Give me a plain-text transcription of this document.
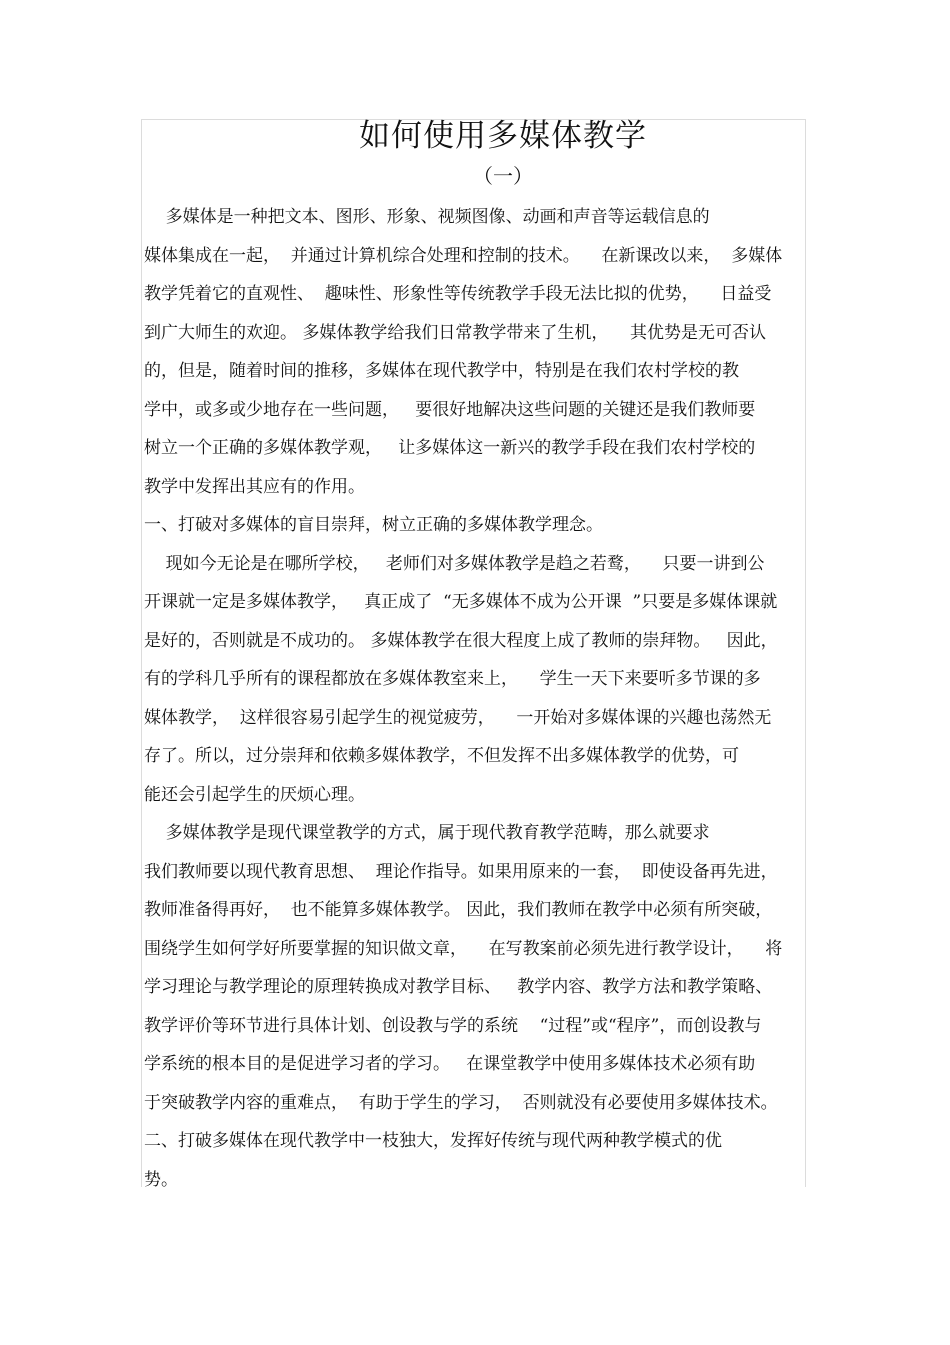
如何使用多媒体教学
（一）
多媒体是一种把文本、图形、形象、视频图像、动画和声音等运载信息的
媒体集成在一起，  并通过计算机综合处理和控制的技术。    在新课改以来，  多媒体
教学凭着它的直观性、  趣味性、形象性等传统教学手段无法比拟的优势，    日益受
到广大师生的欢迎。 多媒体教学给我们日常教学带来了生机，    其优势是无可否认
的，但是，随着时间的推移，多媒体在现代教学中，特别是在我们农村学校的教
学中，或多或少地存在一些问题，   要很好地解决这些问题的关键还是我们教师要
树立一个正确的多媒体教学观，   让多媒体这一新兴的教学手段在我们农村学校的
教学中发挥出其应有的作用。
一、打破对多媒体的盲目崇拜，树立正确的多媒体教学理念。
现如今无论是在哪所学校，   老师们对多媒体教学是趋之若鹜，    只要一讲到公
开课就一定是多媒体教学，   真正成了  “无多媒体不成为公开课  ”只要是多媒体课就
是好的，否则就是不成功的。 多媒体教学在很大程度上成了教师的崇拜物。   因此，
有的学科几乎所有的课程都放在多媒体教室来上，    学生一天下来要听多节课的多
媒体教学，  这样很容易引起学生的视觉疲劳，    一开始对多媒体课的兴趣也荡然无
存了。所以，过分崇拜和依赖多媒体教学，不但发挥不出多媒体教学的优势，可
能还会引起学生的厌烦心理。
多媒体教学是现代课堂教学的方式，属于现代教育教学范畴，那么就要求
我们教师要以现代教育思想、  理论作指导。如果用原来的一套，  即使设备再先进，
教师准备得再好，  也不能算多媒体教学。 因此，我们教师在教学中必须有所突破，
围绕学生如何学好所要掌握的知识做文章，    在写教案前必须先进行教学设计，    将
学习理论与教学理论的原理转换成对教学目标、   教学内容、教学方法和教学策略、
教学评价等环节进行具体计划、创设教与学的系统    “过程”或“程序”，而创设教与
学系统的根本目的是促进学习者的学习。   在课堂教学中使用多媒体技术必须有助
于突破教学内容的重难点，  有助于学生的学习，  否则就没有必要使用多媒体技术。
二、打破多媒体在现代教学中一枝独大，发挥好传统与现代两种教学模式的优
势。
